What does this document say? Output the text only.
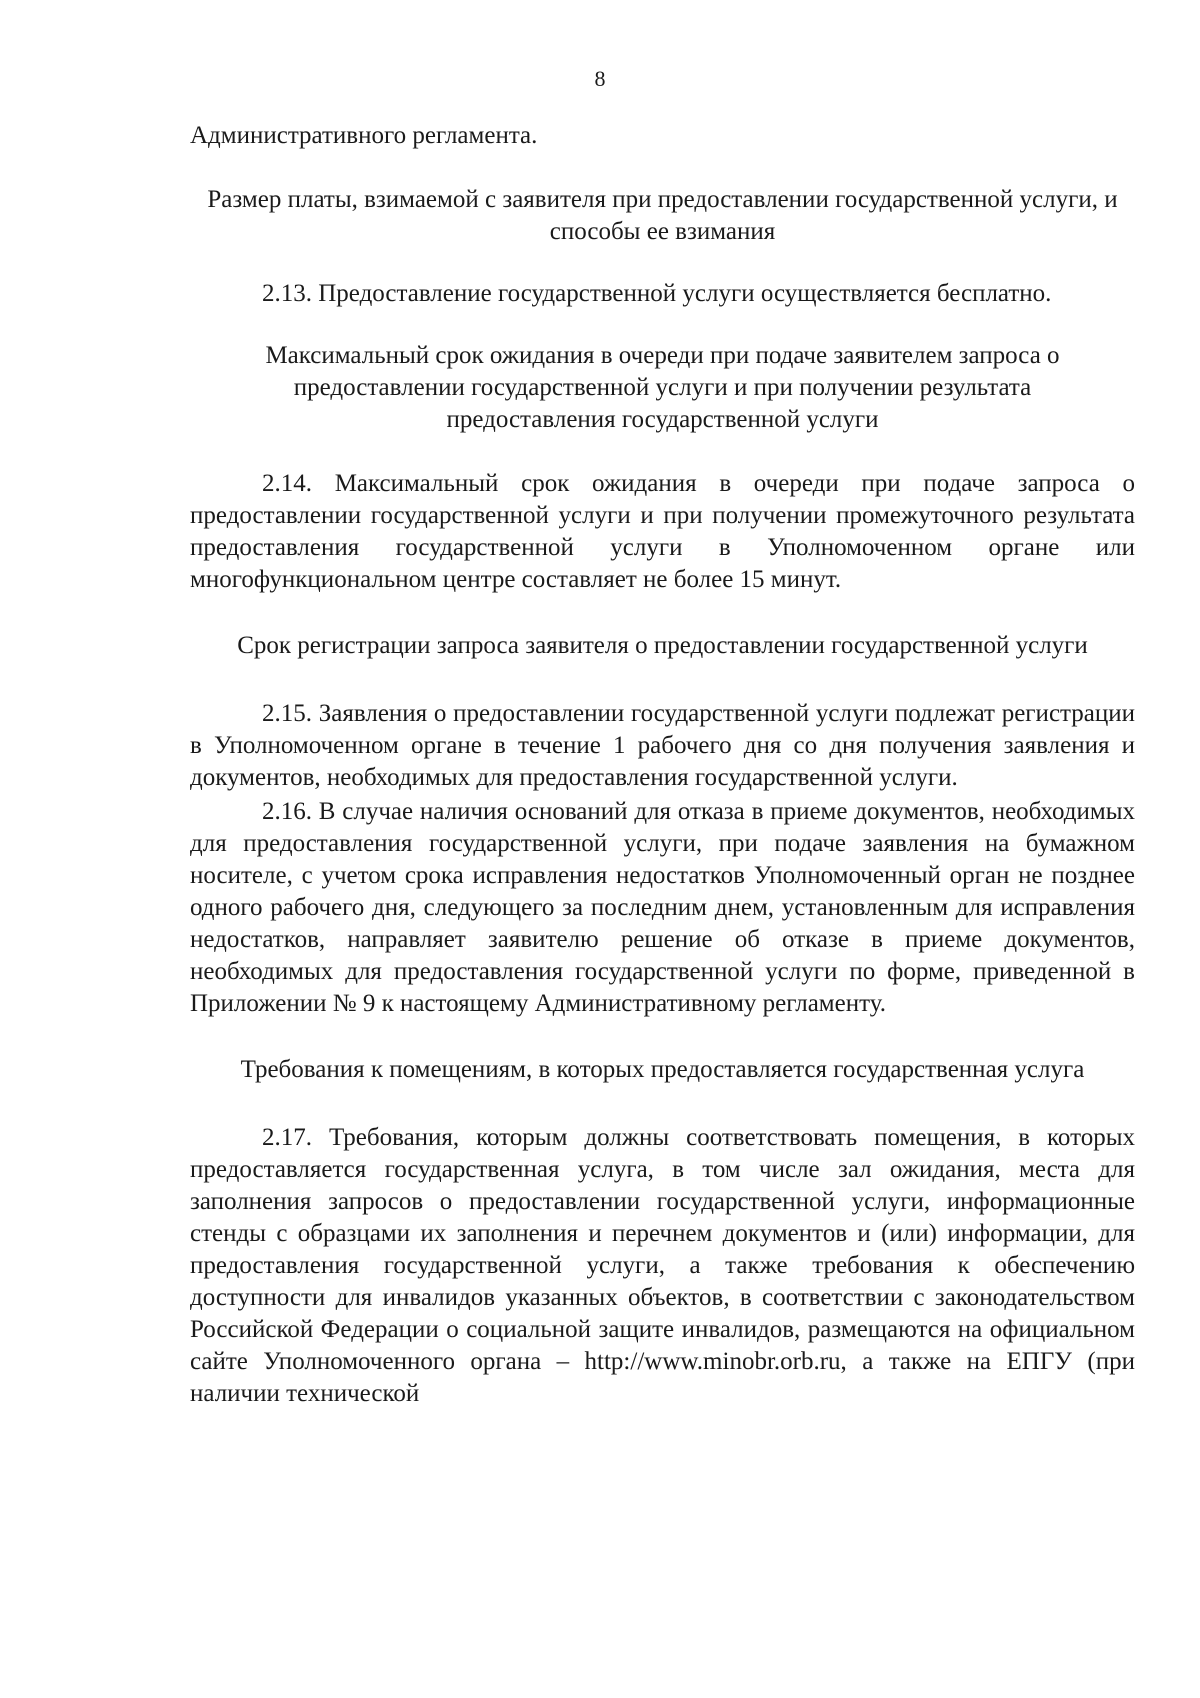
8

Административного регламента.

Размер платы, взимаемой с заявителя при предоставлении государственной услуги, и способы ее взимания

2.13. Предоставление государственной услуги осуществляется бесплатно.

Максимальный срок ожидания в очереди при подаче заявителем запроса о предоставлении государственной услуги и при получении результата предоставления государственной услуги

2.14. Максимальный срок ожидания в очереди при подаче запроса о предоставлении государственной услуги и при получении промежуточного результата предоставления государственной услуги в Уполномоченном органе или многофункциональном центре составляет не более 15 минут.

Срок регистрации запроса заявителя о предоставлении государственной услуги

2.15. Заявления о предоставлении государственной услуги подлежат регистрации в Уполномоченном органе в течение 1 рабочего дня со дня получения заявления и документов, необходимых для предоставления государственной услуги.

2.16. В случае наличия оснований для отказа в приеме документов, необходимых для предоставления государственной услуги, при подаче заявления на бумажном носителе, с учетом срока исправления недостатков Уполномоченный орган не позднее одного рабочего дня, следующего за последним днем, установленным для исправления недостатков, направляет заявителю решение об отказе в приеме документов, необходимых для предоставления государственной услуги по форме, приведенной в Приложении № 9 к настоящему Административному регламенту.

Требования к помещениям, в которых предоставляется государственная услуга

2.17. Требования, которым должны соответствовать помещения, в которых предоставляется государственная услуга, в том числе зал ожидания, места для заполнения запросов о предоставлении государственной услуги, информационные стенды с образцами их заполнения и перечнем документов и (или) информации, для предоставления государственной услуги, а также требования к обеспечению доступности для инвалидов указанных объектов, в соответствии с законодательством Российской Федерации о социальной защите инвалидов, размещаются на официальном сайте Уполномоченного органа – http://www.minobr.orb.ru, а также на ЕПГУ (при наличии технической
